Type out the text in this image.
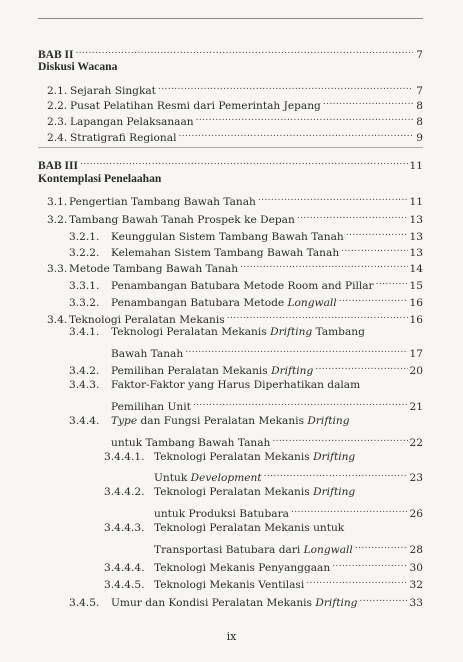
BAB II .....	7
Diskusi Wacana
2.1. Sejarah Singkat .....	7
2.2. Pusat Pelatihan Resmi dari Pemerintah Jepang .....	8
2.3. Lapangan Pelaksanaan .....	8
2.4. Stratigrafi Regional .....	9
BAB III .....	11
Kontemplasi Penelaahan
3.1. Pengertian Tambang Bawah Tanah .....	11
3.2. Tambang Bawah Tanah Prospek ke Depan .....	13
3.2.1.	Keunggulan Sistem Tambang Bawah Tanah .....	13
3.2.2.	Kelemahan Sistem Tambang Bawah Tanah .....	13
3.3. Metode Tambang Bawah Tanah .....	14
3.3.1.	Penambangan Batubara Metode Room and Pillar .....	15
3.3.2.	Penambangan Batubara Metode Longwall .....	16
3.4. Teknologi Peralatan Mekanis .....	16
3.4.1. Teknologi Peralatan Mekanis Drifting Tambang
Bawah Tanah .....	17
3.4.2.	Pemilihan Peralatan Mekanis Drifting .....	20
3.4.3. Faktor-Faktor yang Harus Diperhatikan dalam
Pemilihan Unit .....	21
3.4.4. Type dan Fungsi Peralatan Mekanis Drifting
untuk Tambang Bawah Tanah .....	22
3.4.4.1. Teknologi Peralatan Mekanis Drifting
Untuk Development .....	23
3.4.4.2. Teknologi Peralatan Mekanis Drifting
untuk Produksi Batubara .....	26
3.4.4.3. Teknologi Peralatan Mekanis untuk
Transportasi Batubara dari Longwall .....	28
3.4.4.4. Teknologi Mekanis Penyanggaan .....	30
3.4.4.5. Teknologi Mekanis Ventilasi .....	32
3.4.5.	Umur dan Kondisi Peralatan Mekanis Drifting .....	33
ix
